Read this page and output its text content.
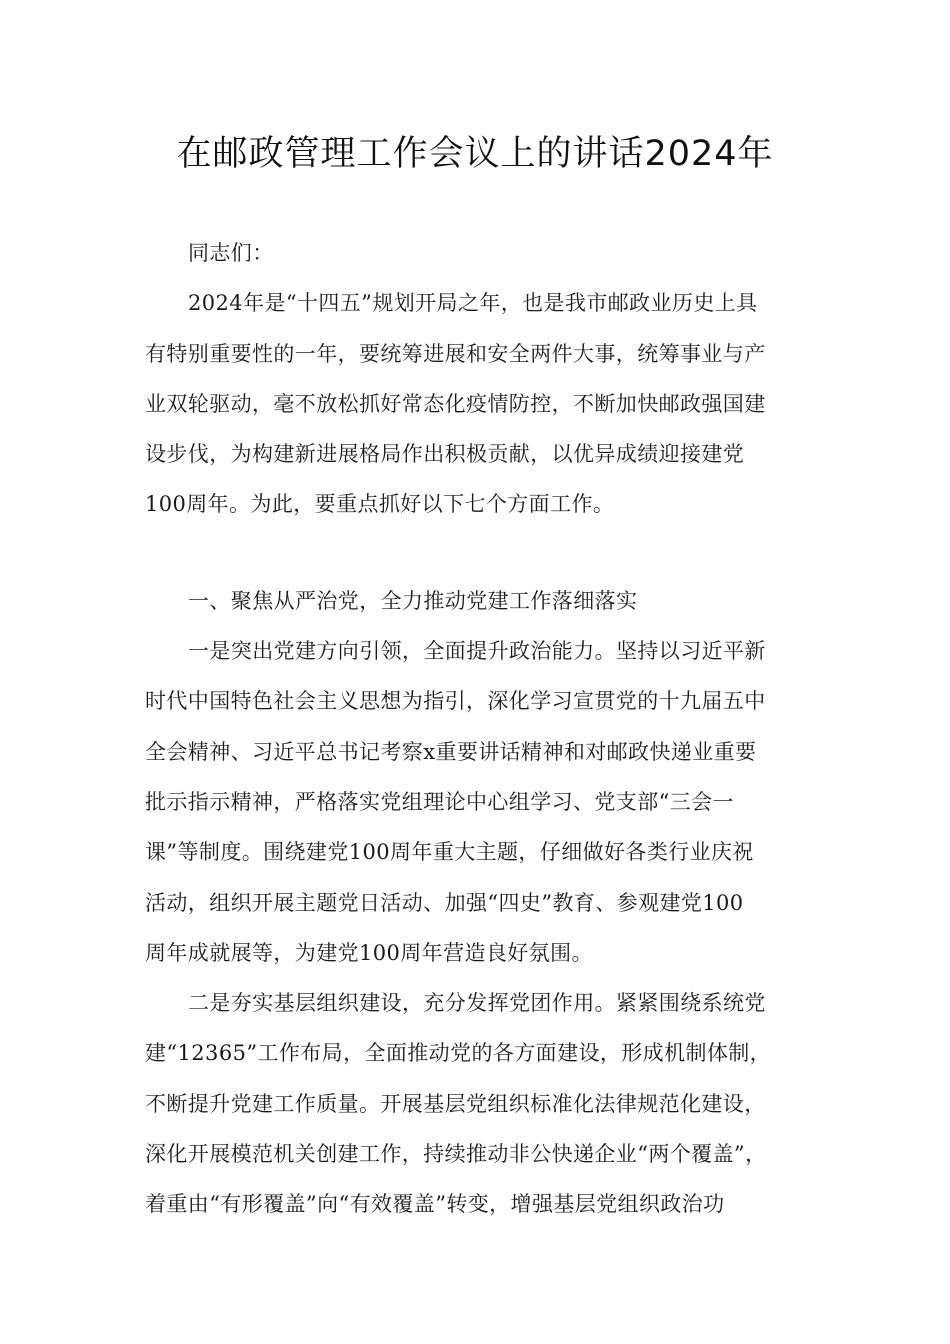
在邮政管理工作会议上的讲话2024年
同志们：
2024年是“十四五”规划开局之年，也是我市邮政业历史上具
有特别重要性的一年，要统筹进展和安全两件大事，统筹事业与产
业双轮驱动，毫不放松抓好常态化疫情防控，不断加快邮政强国建
设步伐，为构建新进展格局作出积极贡献，以优异成绩迎接建党
100周年。为此，要重点抓好以下七个方面工作。
一、聚焦从严治党，全力推动党建工作落细落实
一是突出党建方向引领，全面提升政治能力。坚持以习近平新
时代中国特色社会主义思想为指引，深化学习宣贯党的十九届五中
全会精神、习近平总书记考察x重要讲话精神和对邮政快递业重要
批示指示精神，严格落实党组理论中心组学习、党支部“三会一
课”等制度。围绕建党100周年重大主题，仔细做好各类行业庆祝
活动，组织开展主题党日活动、加强“四史”教育、参观建党100
周年成就展等，为建党100周年营造良好氛围。
二是夯实基层组织建设，充分发挥党团作用。紧紧围绕系统党
建“12365”工作布局，全面推动党的各方面建设，形成机制体制，
不断提升党建工作质量。开展基层党组织标准化法律规范化建设，
深化开展模范机关创建工作，持续推动非公快递企业“两个覆盖”，
着重由“有形覆盖”向“有效覆盖”转变，增强基层党组织政治功
